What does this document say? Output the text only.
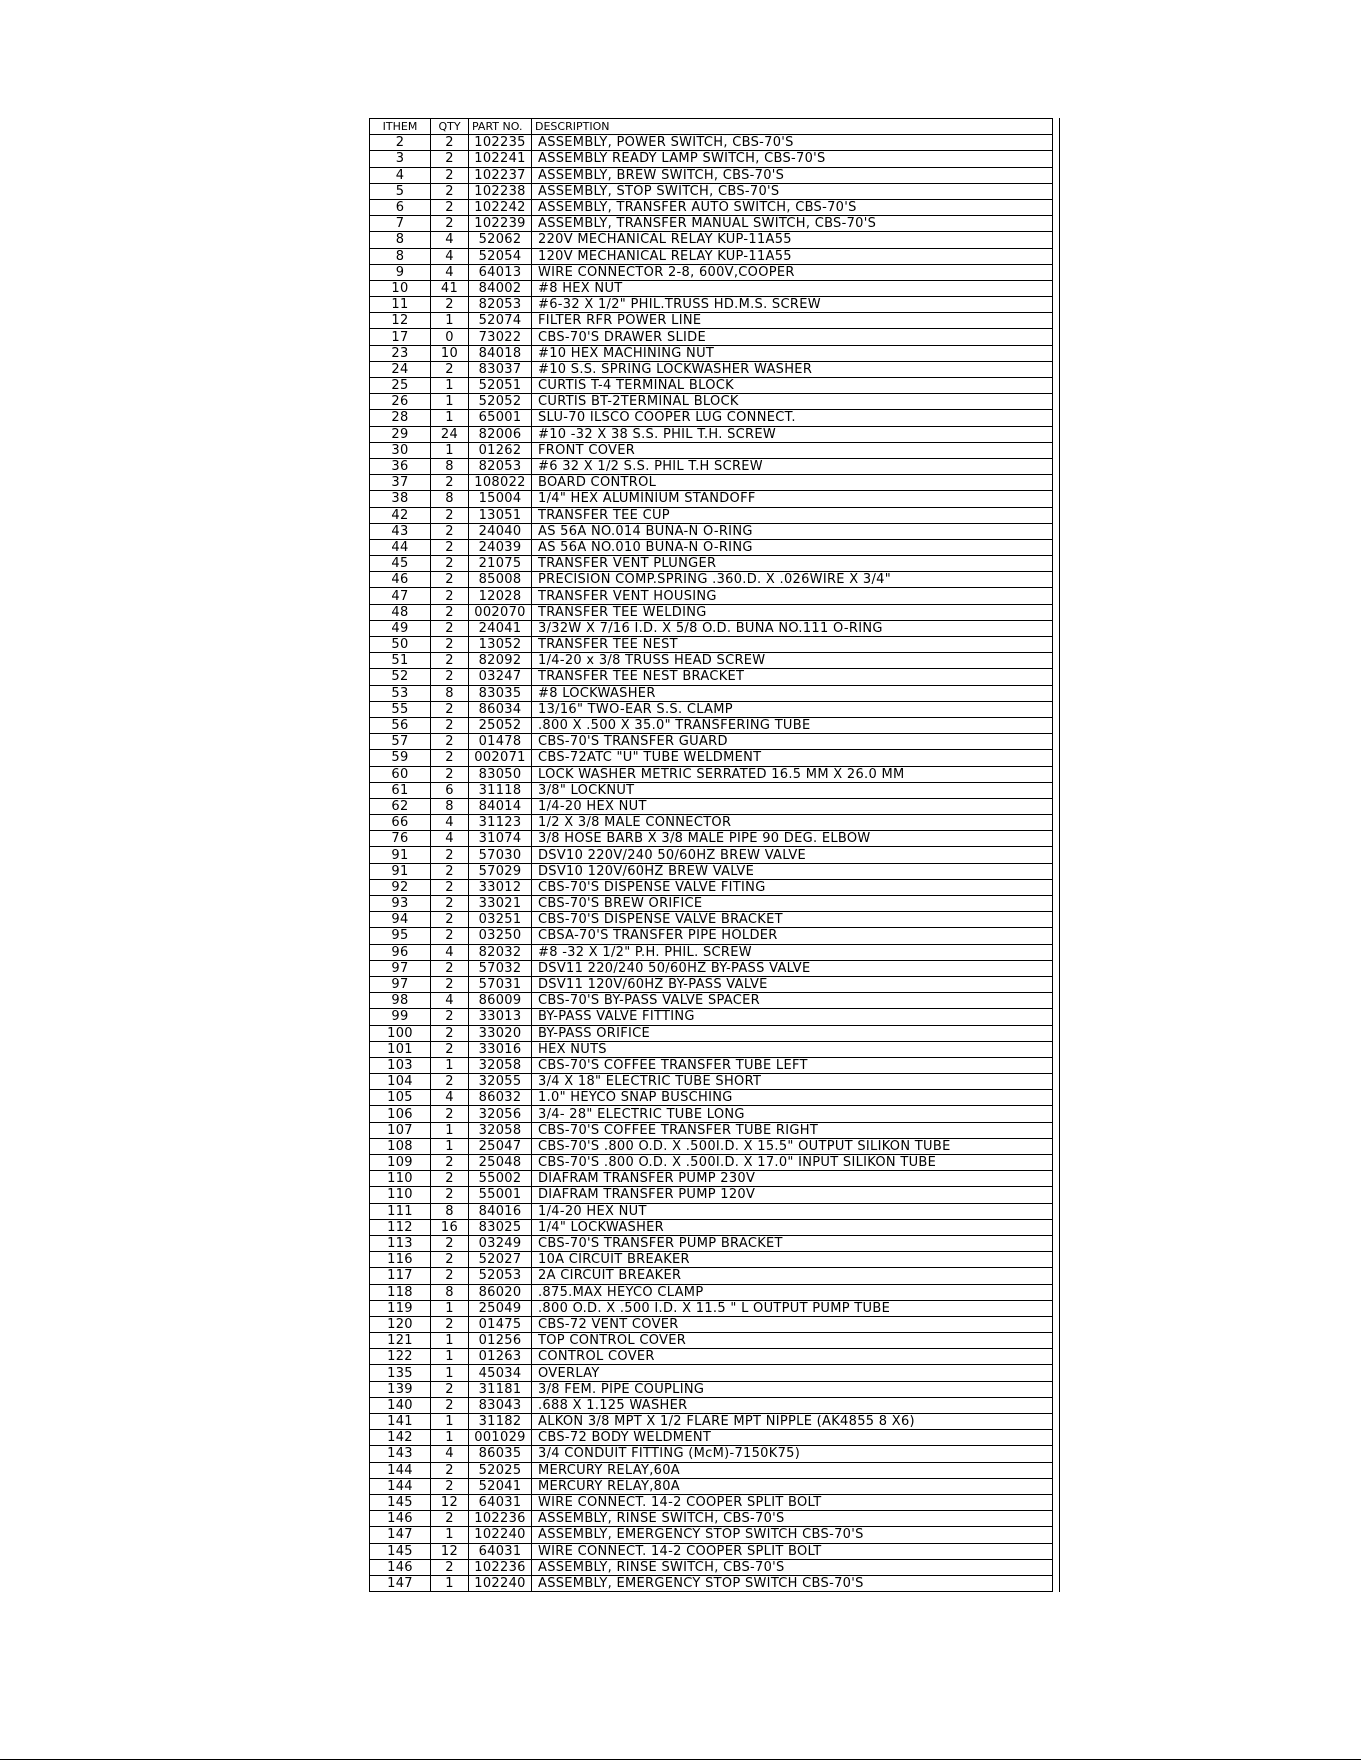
ITHEM	QTY	PART NO.	DESCRIPTION
2	2	102235	ASSEMBLY, POWER SWITCH, CBS-70'S
3	2	102241	ASSEMBLY READY LAMP SWITCH, CBS-70'S
4	2	102237	ASSEMBLY, BREW SWITCH, CBS-70'S
5	2	102238	ASSEMBLY, STOP SWITCH, CBS-70'S
6	2	102242	ASSEMBLY, TRANSFER AUTO SWITCH, CBS-70'S
7	2	102239	ASSEMBLY, TRANSFER MANUAL SWITCH, CBS-70'S
8	4	52062	220V MECHANICAL RELAY KUP-11A55
8	4	52054	120V MECHANICAL RELAY KUP-11A55
9	4	64013	WIRE CONNECTOR 2-8, 600V,COOPER
10	41	84002	#8 HEX NUT
11	2	82053	#6-32 X 1/2" PHIL.TRUSS HD.M.S. SCREW
12	1	52074	FILTER RFR POWER LINE
17	0	73022	CBS-70'S DRAWER SLIDE
23	10	84018	#10 HEX MACHINING NUT
24	2	83037	#10 S.S. SPRING LOCKWASHER WASHER
25	1	52051	CURTIS T-4 TERMINAL BLOCK
26	1	52052	CURTIS BT-2TERMINAL BLOCK
28	1	65001	SLU-70 ILSCO COOPER LUG CONNECT.
29	24	82006	#10 -32 X 38 S.S. PHIL T.H. SCREW
30	1	01262	FRONT COVER
36	8	82053	#6 32 X 1/2 S.S. PHIL T.H SCREW
37	2	108022	BOARD CONTROL
38	8	15004	1/4" HEX ALUMINIUM STANDOFF
42	2	13051	TRANSFER TEE CUP
43	2	24040	AS 56A NO.014 BUNA-N O-RING
44	2	24039	AS 56A NO.010 BUNA-N O-RING
45	2	21075	TRANSFER VENT PLUNGER
46	2	85008	PRECISION COMP.SPRING .360.D. X .026WIRE X 3/4"
47	2	12028	TRANSFER VENT HOUSING
48	2	002070	TRANSFER TEE WELDING
49	2	24041	3/32W X 7/16 I.D. X 5/8 O.D. BUNA NO.111 O-RING
50	2	13052	TRANSFER TEE NEST
51	2	82092	1/4-20 x 3/8 TRUSS HEAD SCREW
52	2	03247	TRANSFER TEE NEST BRACKET
53	8	83035	#8 LOCKWASHER
55	2	86034	13/16" TWO-EAR S.S. CLAMP
56	2	25052	.800 X .500 X 35.0" TRANSFERING TUBE
57	2	01478	CBS-70'S TRANSFER GUARD
59	2	002071	CBS-72ATC "U" TUBE WELDMENT
60	2	83050	LOCK WASHER METRIC SERRATED 16.5 MM X 26.0 MM
61	6	31118	3/8" LOCKNUT
62	8	84014	1/4-20 HEX NUT
66	4	31123	1/2 X 3/8 MALE CONNECTOR
76	4	31074	3/8 HOSE BARB X 3/8 MALE PIPE 90 DEG. ELBOW
91	2	57030	DSV10 220V/240 50/60HZ BREW VALVE
91	2	57029	DSV10 120V/60HZ BREW VALVE
92	2	33012	CBS-70'S DISPENSE VALVE FITING
93	2	33021	CBS-70'S BREW ORIFICE
94	2	03251	CBS-70'S DISPENSE VALVE BRACKET
95	2	03250	CBSA-70'S TRANSFER PIPE HOLDER
96	4	82032	#8 -32 X 1/2" P.H. PHIL. SCREW
97	2	57032	DSV11 220/240 50/60HZ BY-PASS VALVE
97	2	57031	DSV11 120V/60HZ BY-PASS VALVE
98	4	86009	CBS-70'S BY-PASS VALVE SPACER
99	2	33013	BY-PASS VALVE FITTING
100	2	33020	BY-PASS ORIFICE
101	2	33016	HEX NUTS
103	1	32058	CBS-70'S COFFEE TRANSFER TUBE LEFT
104	2	32055	3/4 X 18" ELECTRIC TUBE SHORT
105	4	86032	1.0" HEYCO SNAP BUSCHING
106	2	32056	3/4- 28" ELECTRIC TUBE LONG
107	1	32058	CBS-70'S COFFEE TRANSFER TUBE RIGHT
108	1	25047	CBS-70'S .800 O.D. X .500I.D. X 15.5" OUTPUT SILIKON TUBE
109	2	25048	CBS-70'S .800 O.D. X .500I.D. X 17.0" INPUT SILIKON TUBE
110	2	55002	DIAFRAM TRANSFER PUMP 230V
110	2	55001	DIAFRAM TRANSFER PUMP 120V
111	8	84016	1/4-20 HEX NUT
112	16	83025	1/4" LOCKWASHER
113	2	03249	CBS-70'S TRANSFER PUMP BRACKET
116	2	52027	10A CIRCUIT BREAKER
117	2	52053	2A CIRCUIT BREAKER
118	8	86020	.875.MAX HEYCO CLAMP
119	1	25049	.800 O.D. X .500 I.D. X 11.5 " L OUTPUT PUMP TUBE
120	2	01475	CBS-72 VENT COVER
121	1	01256	TOP CONTROL COVER
122	1	01263	CONTROL COVER
135	1	45034	OVERLAY
139	2	31181	3/8 FEM. PIPE COUPLING
140	2	83043	.688 X 1.125 WASHER
141	1	31182	ALKON 3/8 MPT X 1/2 FLARE MPT NIPPLE (AK4855 8 X6)
142	1	001029	CBS-72 BODY WELDMENT
143	4	86035	3/4 CONDUIT FITTING (McM)-7150K75)
144	2	52025	MERCURY RELAY,60A
144	2	52041	MERCURY RELAY,80A
145	12	64031	WIRE CONNECT. 14-2 COOPER SPLIT BOLT
146	2	102236	ASSEMBLY, RINSE SWITCH, CBS-70'S
147	1	102240	ASSEMBLY, EMERGENCY STOP SWITCH CBS-70'S
145	12	64031	WIRE CONNECT. 14-2 COOPER SPLIT BOLT
146	2	102236	ASSEMBLY, RINSE SWITCH, CBS-70'S
147	1	102240	ASSEMBLY, EMERGENCY STOP SWITCH CBS-70'S
